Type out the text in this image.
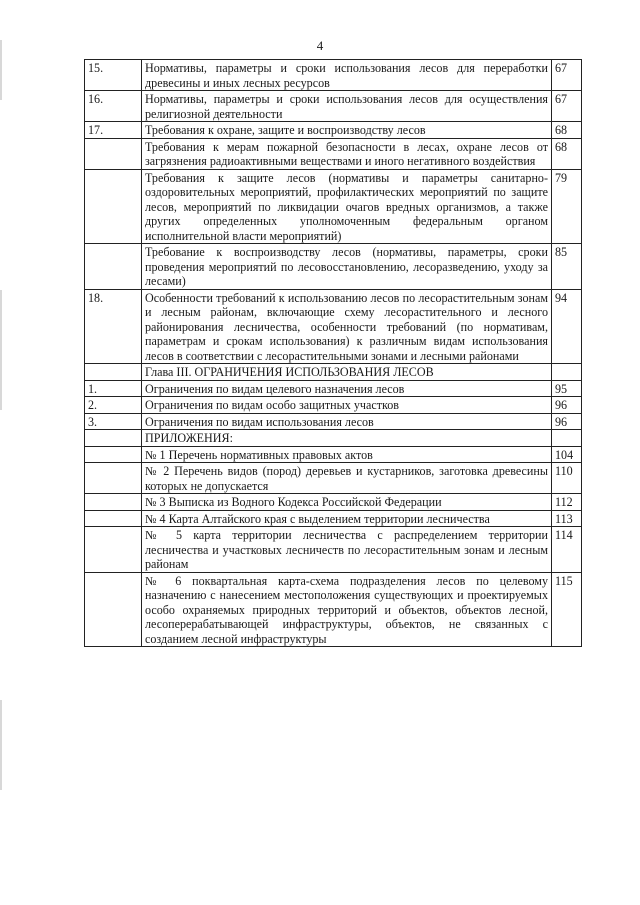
4
15.	Нормативы, параметры и сроки использования лесов для переработки древесины и иных лесных ресурсов	67
16.	Нормативы, параметры и сроки использования лесов для осуществления религиозной деятельности	67
17.	Требования к охране, защите и воспроизводству лесов	68
	Требования к мерам пожарной безопасности в лесах, охране лесов от загрязнения радиоактивными веществами и иного негативного воздействия	68
	Требования к защите лесов (нормативы и параметры санитарно-оздоровительных мероприятий, профилактических мероприятий по защите лесов, мероприятий по ликвидации очагов вредных организмов, а также других определенных уполномоченным федеральным органом исполнительной власти мероприятий)	79
	Требование к воспроизводству лесов (нормативы, параметры, сроки проведения мероприятий по лесовосстановлению, лесоразведению, уходу за лесами)	85
18.	Особенности требований к использованию лесов по лесорастительным зонам и лесным районам, включающие схему лесорастительного и лесного районирования лесничества, особенности требований (по нормативам, параметрам и срокам использования) к различным видам использования лесов в соответствии с лесорастительными зонами и лесными районами	94
	Глава III. ОГРАНИЧЕНИЯ ИСПОЛЬЗОВАНИЯ ЛЕСОВ	
1.	Ограничения по видам целевого назначения лесов	95
2.	Ограничения по видам особо защитных участков	96
3.	Ограничения по видам использования лесов	96
	ПРИЛОЖЕНИЯ:	
	№ 1 Перечень нормативных правовых актов	104
	№ 2 Перечень видов (пород) деревьев и кустарников, заготовка древесины которых не допускается	110
	№ 3 Выписка из Водного Кодекса Российской Федерации	112
	№ 4 Карта Алтайского края с выделением территории лесничества	113
	№ 5 карта территории лесничества с распределением территории лесничества и участковых лесничеств по лесорастительным зонам и лесным районам	114
	№ 6 поквартальная карта-схема подразделения лесов по целевому назначению с нанесением местоположения существующих и проектируемых особо охраняемых природных территорий и объектов, объектов лесной, лесоперерабатывающей инфраструктуры, объектов, не связанных с созданием лесной инфраструктуры	115
